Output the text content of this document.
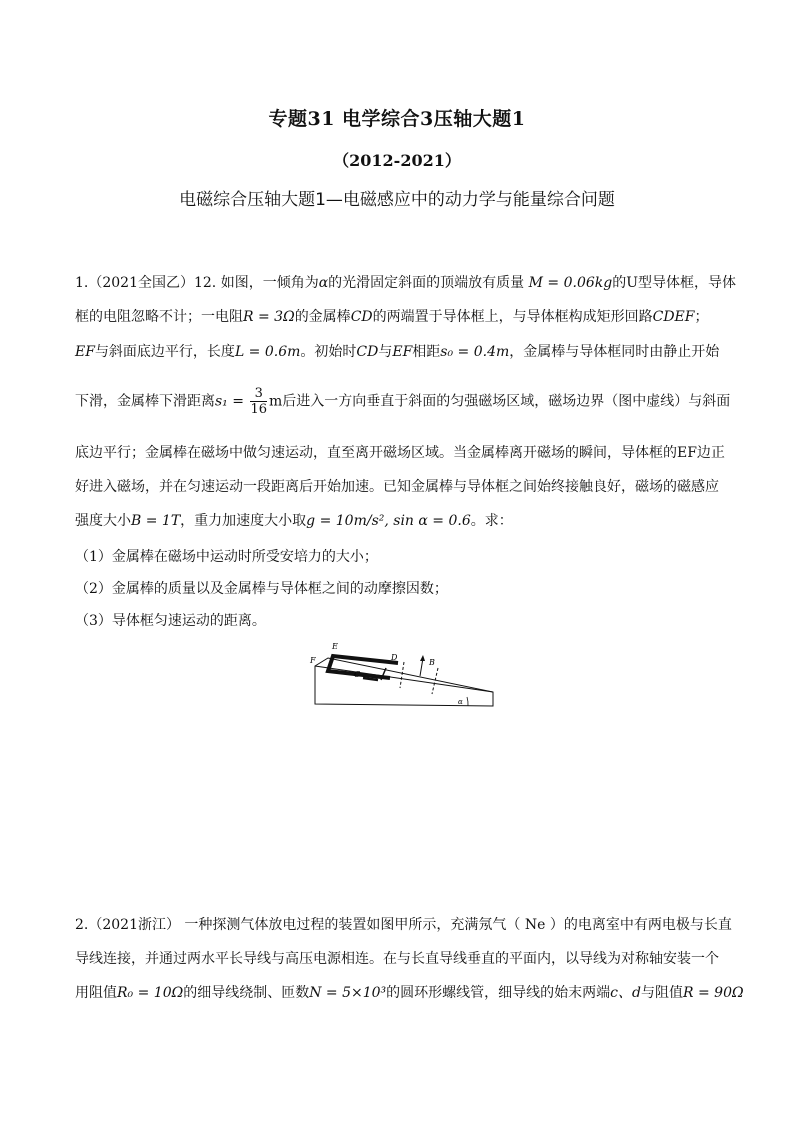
专题31 电学综合3压轴大题1
（2012-2021）
电磁综合压轴大题1—电磁感应中的动力学与能量综合问题
1.（2021全国乙）12. 如图，一倾角为α的光滑固定斜面的顶端放有质量 M = 0.06kg的U型导体框，导体
框的电阻忽略不计；一电阻R = 3Ω的金属棒CD的两端置于导体框上，与导体框构成矩形回路CDEF；
EF与斜面底边平行，长度L = 0.6m。初始时CD与EF相距s₀ = 0.4m，金属棒与导体框同时由静止开始
下滑，金属棒下滑距离$s_1 = \frac{3}{16}$ m后进入一方向垂直于斜面的匀强磁场区域，磁场边界（图中虚线）与斜面
底边平行；金属棒在磁场中做匀速运动，直至离开磁场区域。当金属棒离开磁场的瞬间，导体框的EF边正
好进入磁场，并在匀速运动一段距离后开始加速。已知金属棒与导体框之间始终接触良好，磁场的磁感应
强度大小B = 1T，重力加速度大小取g = 10m/s², sin α = 0.6。求：
（1）金属棒在磁场中运动时所受安培力的大小；
（2）金属棒的质量以及金属棒与导体框之间的动摩擦因数；
（3）导体框匀速运动的距离。
F
E
D
B
C
α
2.（2021浙江） 一种探测气体放电过程的装置如图甲所示，充满氖气（ Ne ）的电离室中有两电极与长直
导线连接，并通过两水平长导线与高压电源相连。在与长直导线垂直的平面内，以导线为对称轴安装一个
用阻值R₀ = 10Ω的细导线绕制、匝数N = 5×10³的圆环形螺线管，细导线的始末两端c、d与阻值R = 90Ω
